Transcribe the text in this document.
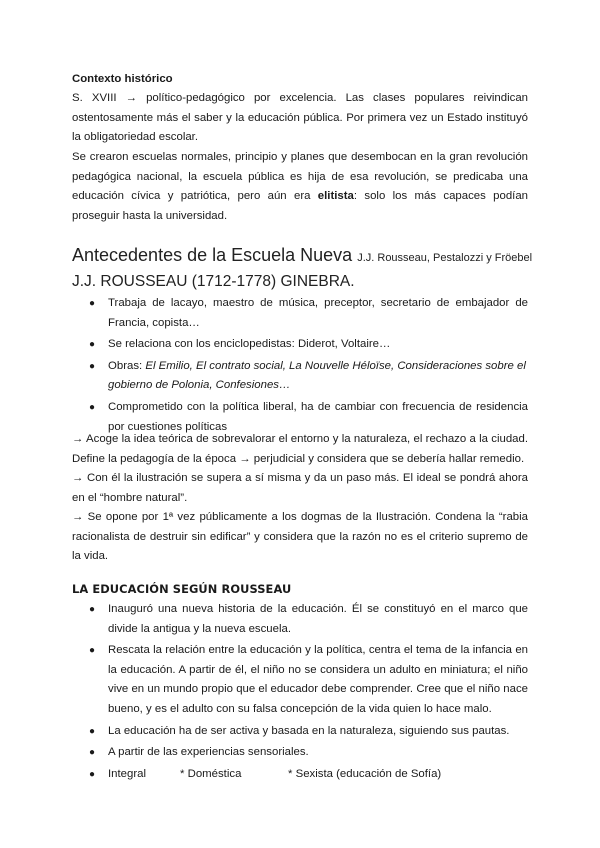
Contexto histórico
S. XVIII → político-pedagógico por excelencia. Las clases populares reivindican ostentosamente más el saber y la educación pública. Por primera vez un Estado instituyó la obligatoriedad escolar.
Se crearon escuelas normales, principio y planes que desembocan en la gran revolución pedagógica nacional, la escuela pública es hija de esa revolución, se predicaba una educación cívica y patriótica, pero aún era elitista: solo los más capaces podían proseguir hasta la universidad.
Antecedentes de la Escuela Nueva J.J. Rousseau, Pestalozzi y Fröebel
J.J. ROUSSEAU (1712-1778) GINEBRA.
● Trabaja de lacayo, maestro de música, preceptor, secretario de embajador de Francia, copista…
● Se relaciona con los enciclopedistas: Diderot, Voltaire…
● Obras: El Emilio, El contrato social, La Nouvelle Héloïse, Consideraciones sobre el gobierno de Polonia, Confesiones…
● Comprometido con la política liberal, ha de cambiar con frecuencia de residencia por cuestiones políticas
→ Acoge la idea teórica de sobrevalorar el entorno y la naturaleza, el rechazo a la ciudad. Define la pedagogía de la época → perjudicial y considera que se debería hallar remedio.
→ Con él la ilustración se supera a sí misma y da un paso más. El ideal se pondrá ahora en el “hombre natural”.
→ Se opone por 1ª vez públicamente a los dogmas de la Ilustración. Condena la “rabia racionalista de destruir sin edificar” y considera que la razón no es el criterio supremo de la vida.
LA EDUCACIÓN SEGÚN ROUSSEAU
● Inauguró una nueva historia de la educación. Él se constituyó en el marco que divide la antigua y la nueva escuela.
● Rescata la relación entre la educación y la política, centra el tema de la infancia en la educación. A partir de él, el niño no se considera un adulto en miniatura; el niño vive en un mundo propio que el educador debe comprender. Cree que el niño nace bueno, y es el adulto con su falsa concepción de la vida quien lo hace malo.
● La educación ha de ser activa y basada en la naturaleza, siguiendo sus pautas.
● A partir de las experiencias sensoriales.
● Integral	* Doméstica	* Sexista (educación de Sofía)
